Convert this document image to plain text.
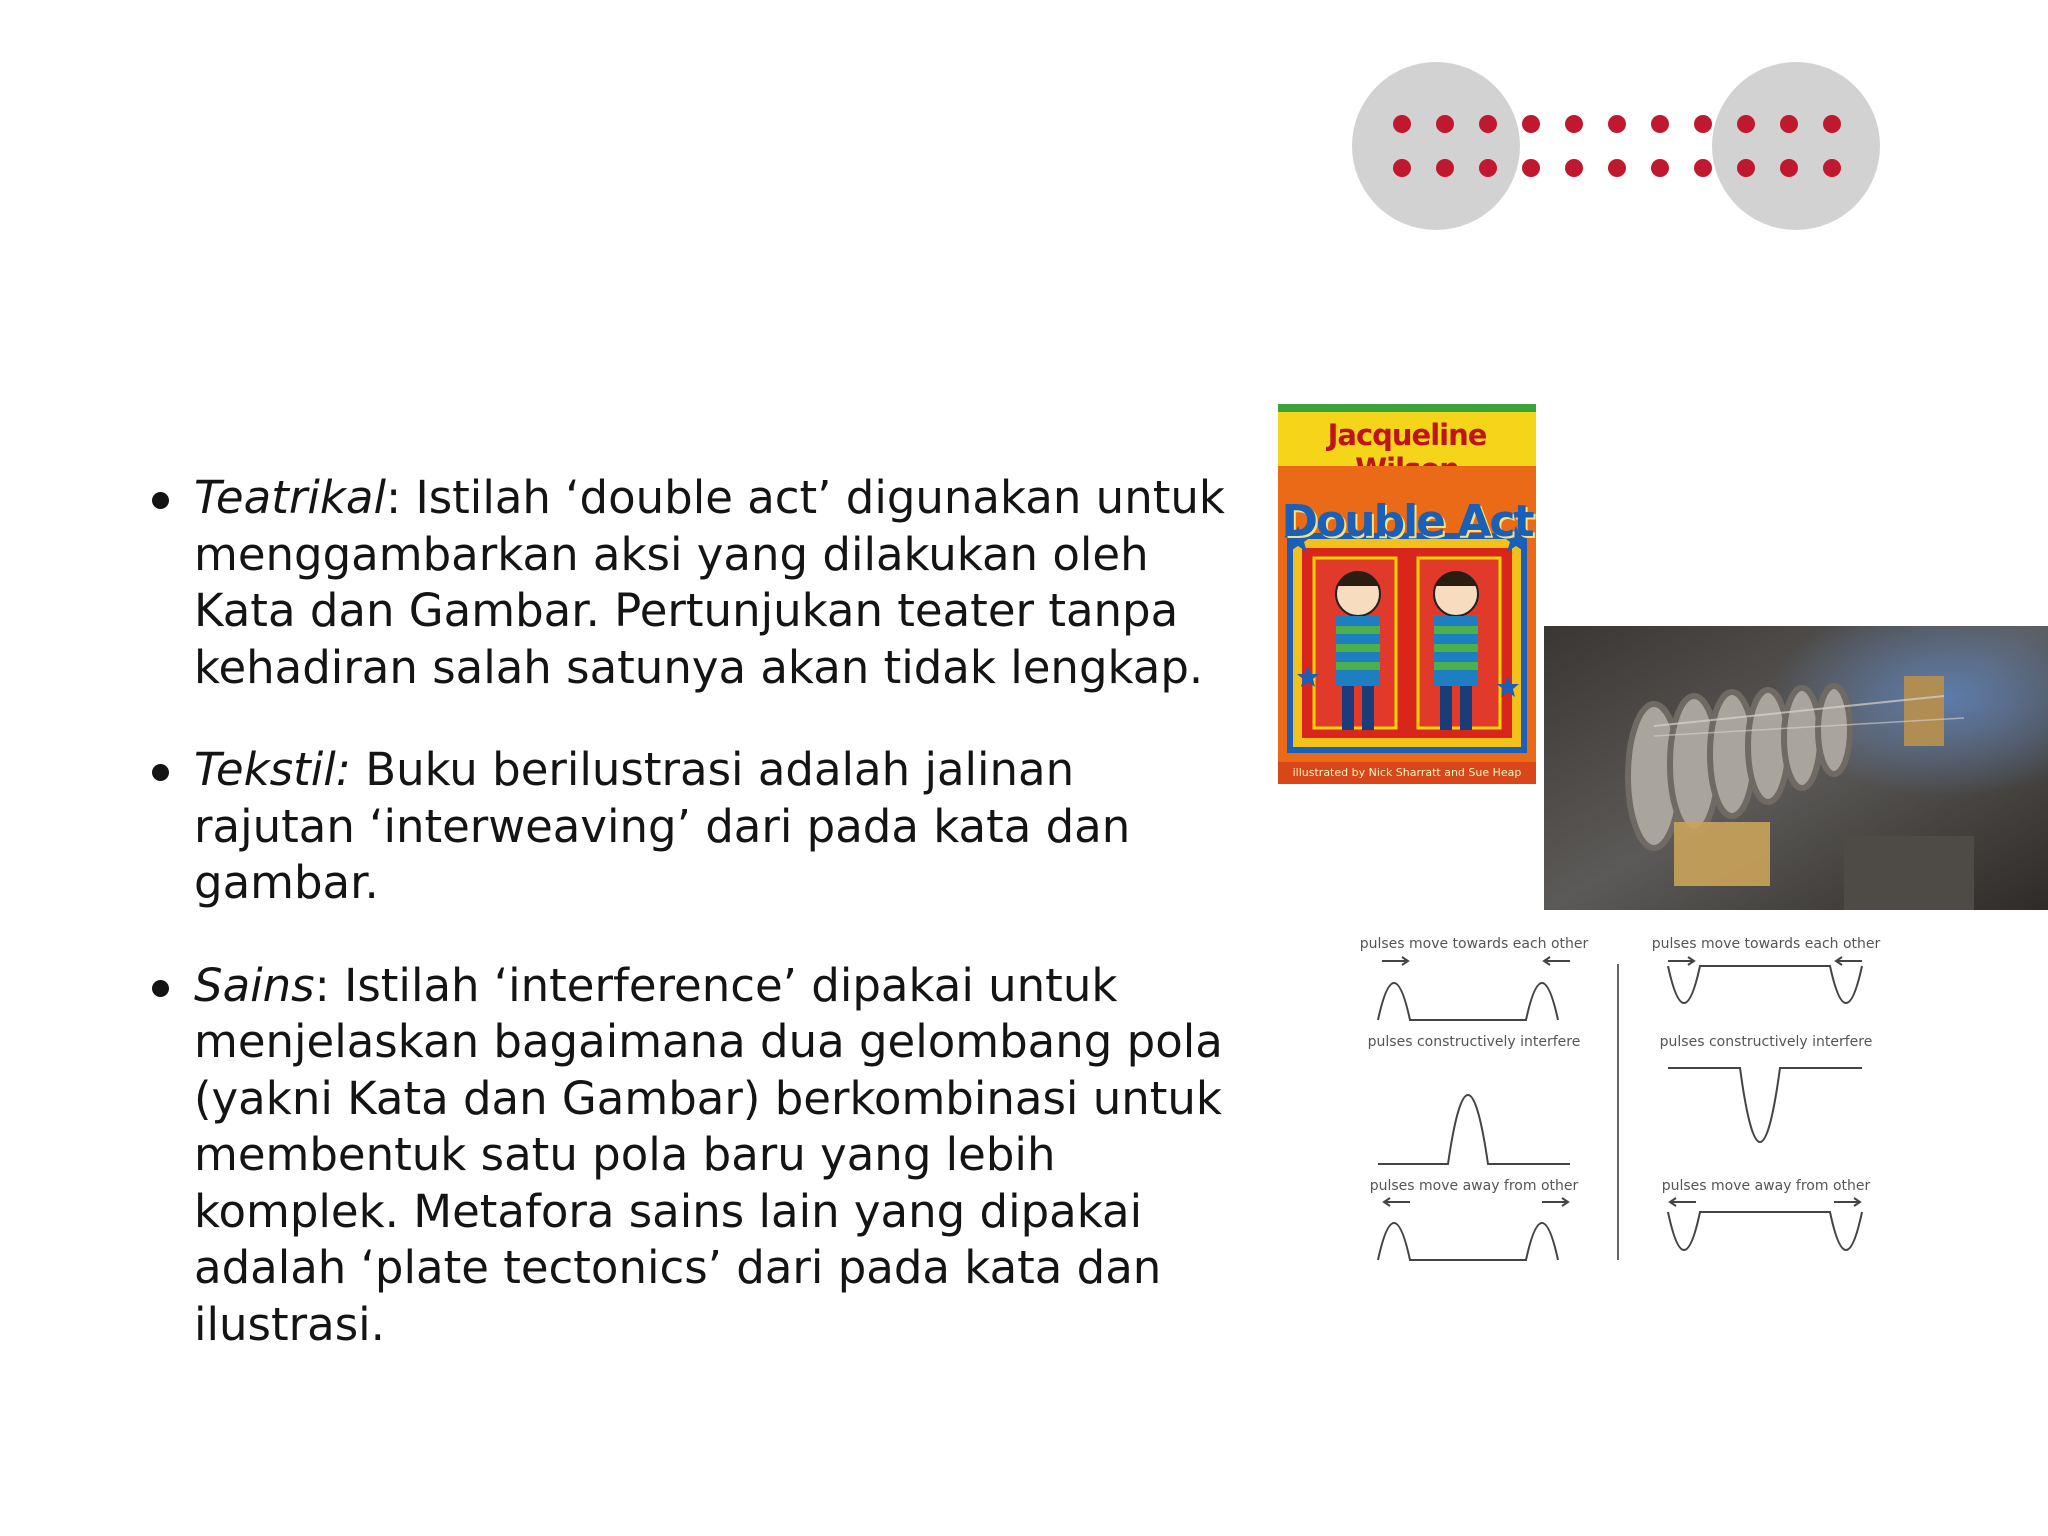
Teatrikal: Istilah ‘double act’ digunakan untuk menggambarkan aksi yang dilakukan oleh Kata dan Gambar. Pertunjukan teater tanpa kehadiran salah satunya akan tidak lengkap.
Tekstil: Buku berilustrasi adalah jalinan rajutan ‘interweaving’ dari pada kata dan gambar.
Sains: Istilah ‘interference’ dipakai untuk menjelaskan bagaimana dua gelombang pola (yakni Kata dan Gambar) berkombinasi untuk membentuk satu pola baru yang lebih komplek. Metafora sains lain yang dipakai adalah ‘plate tectonics’ dari pada kata dan ilustrasi.
Jacqueline
Double Act
illustrated by Nick Sharratt and Sue Heap
pulses move towards each other
pulses constructively interfere
pulses move away from other
pulses move towards each other
pulses constructively interfere
pulses move away from other
